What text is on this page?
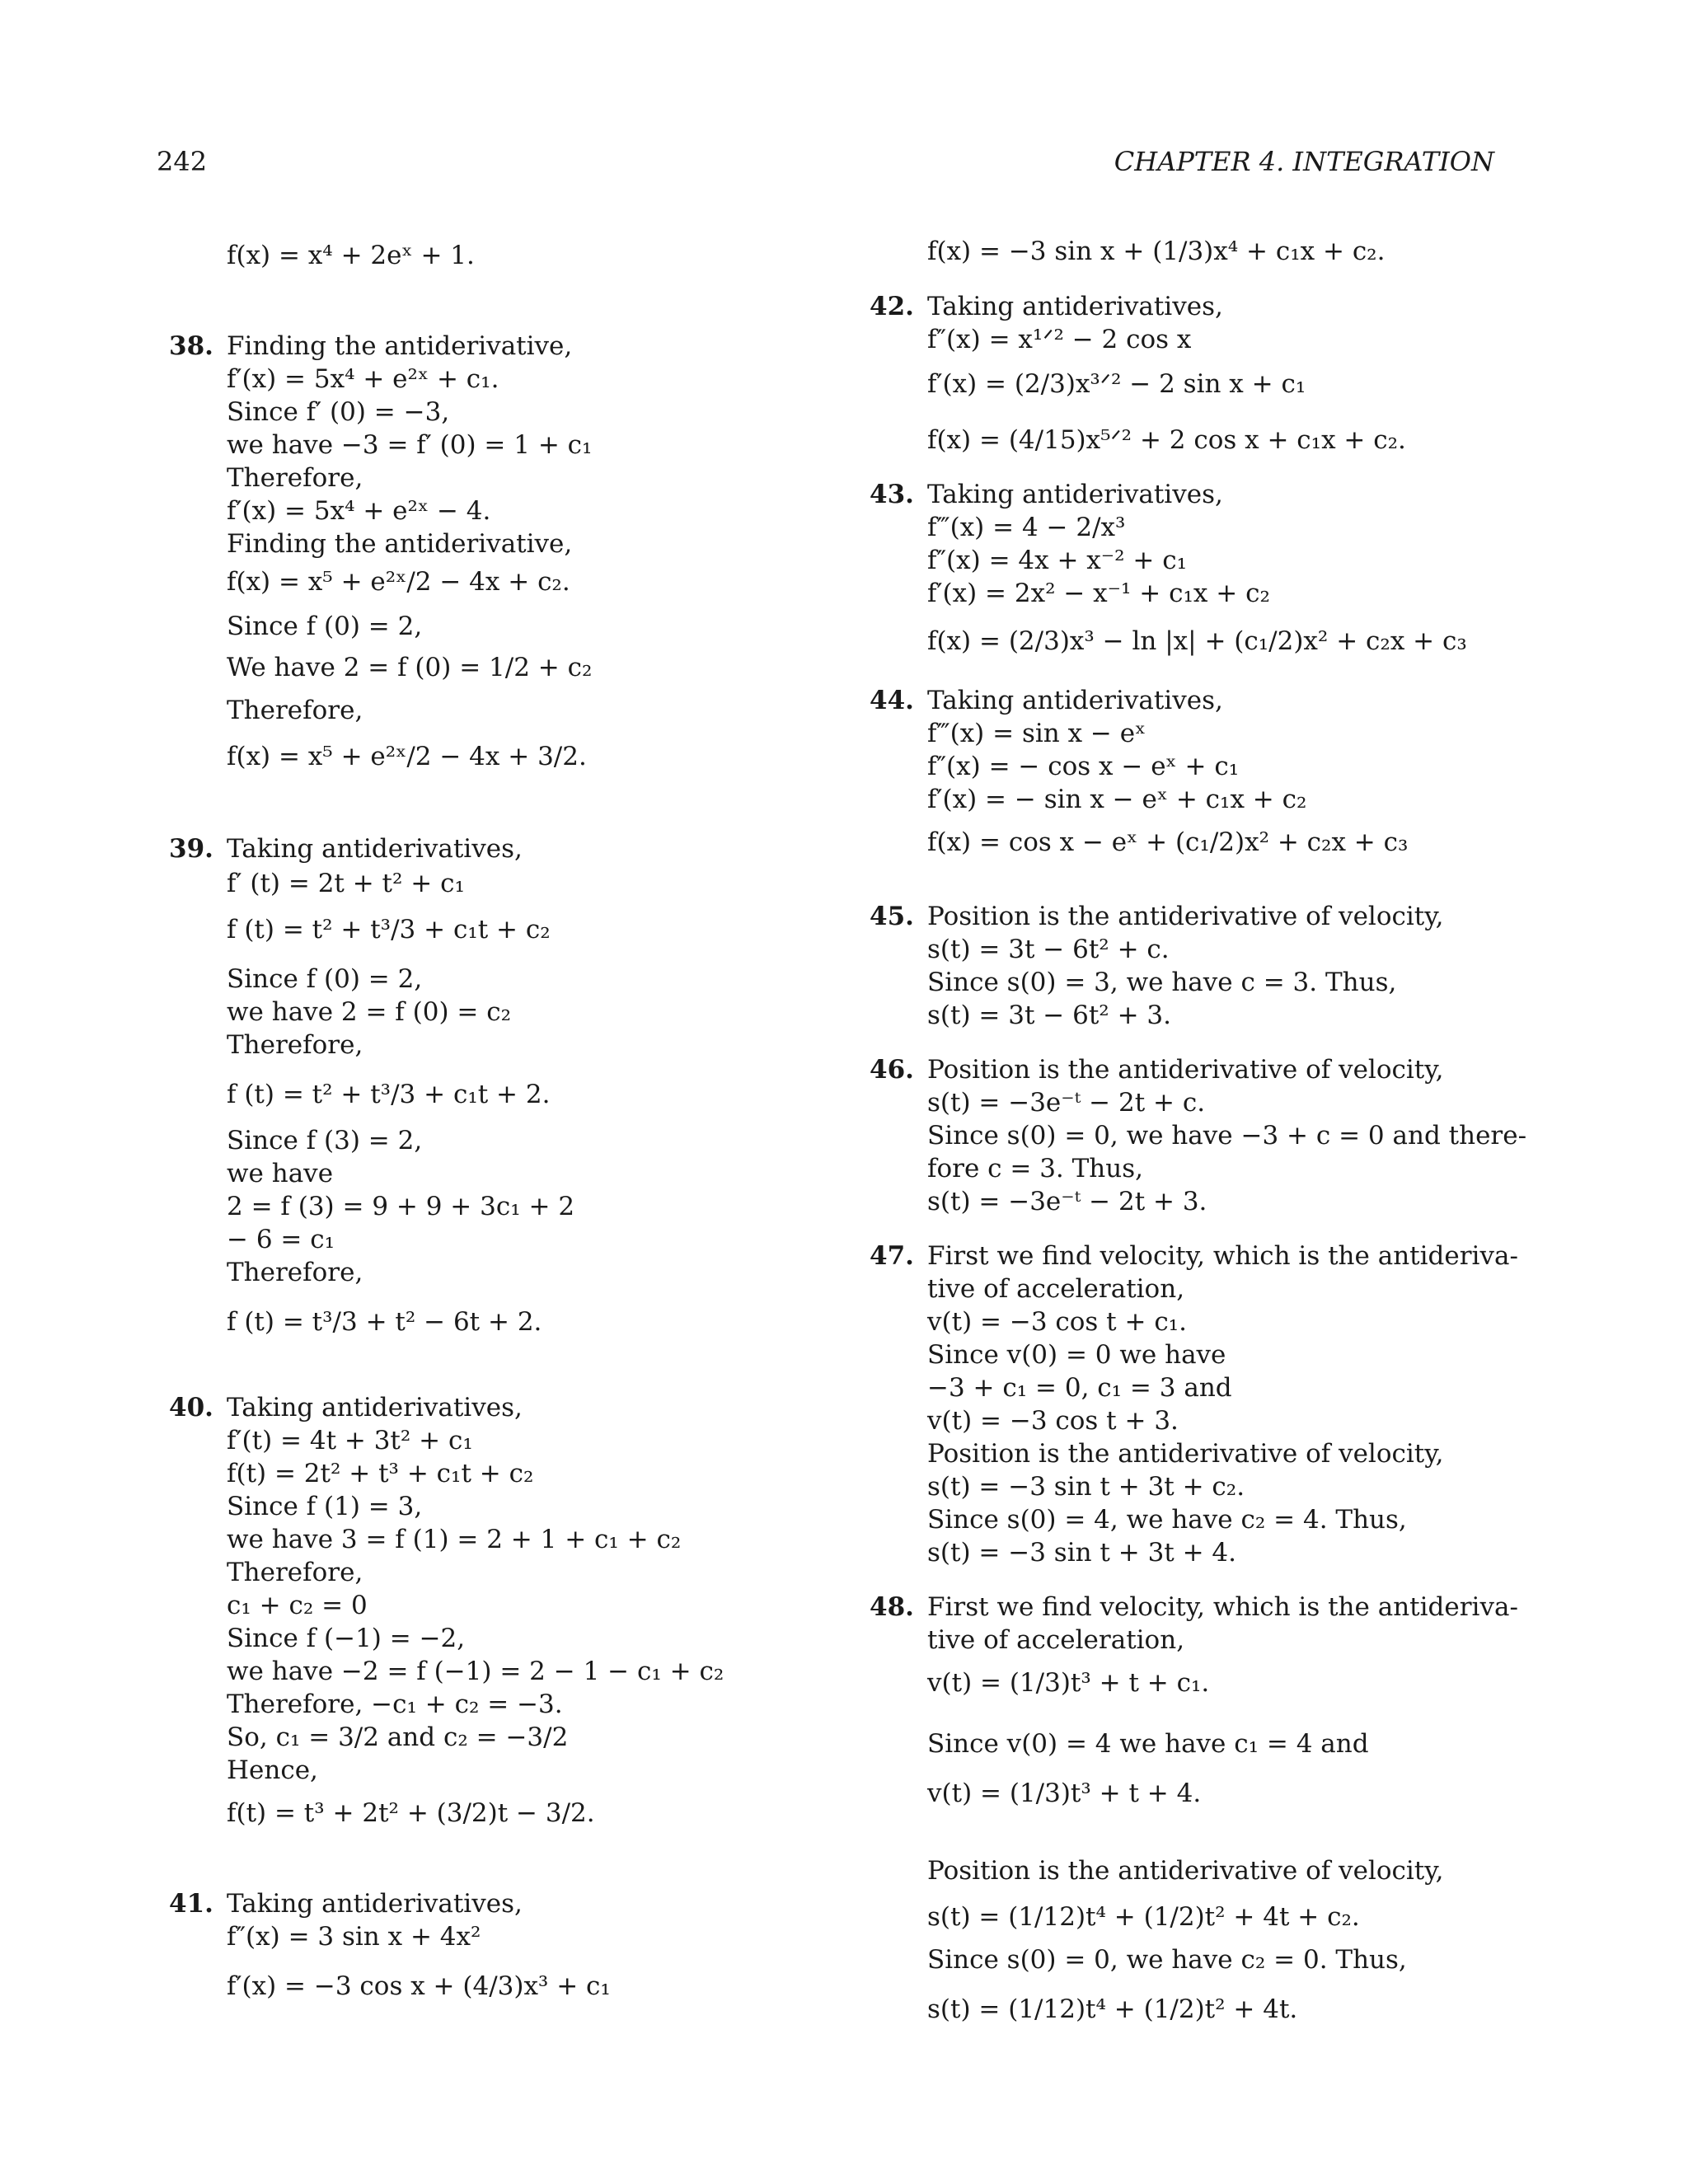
242	CHAPTER 4. INTEGRATION
f(x) = x⁴ + 2eˣ + 1.
38. Finding the antiderivative,
f′(x) = 5x⁴ + e²ˣ + c₁.
Since f′ (0) = −3,
we have −3 = f′ (0) = 1 + c₁
Therefore,
f′(x) = 5x⁴ + e²ˣ − 4.
Finding the antiderivative,
f(x) = x⁵ + e²ˣ/2 − 4x + c₂.
Since f (0) = 2,
We have 2 = f (0) = 1/2 + c₂
Therefore,
f(x) = x⁵ + e²ˣ/2 − 4x + 3/2.
39. Taking antiderivatives,
f′ (t) = 2t + t² + c₁
f (t) = t² + t³/3 + c₁t + c₂
Since f (0) = 2,
we have 2 = f (0) = c₂
Therefore,
f (t) = t² + t³/3 + c₁t + 2.
Since f (3) = 2,
we have
2 = f (3) = 9 + 9 + 3c₁ + 2
− 6 = c₁
Therefore,
f (t) = t³/3 + t² − 6t + 2.
40. Taking antiderivatives,
f′(t) = 4t + 3t² + c₁
f(t) = 2t² + t³ + c₁t + c₂
Since f (1) = 3,
we have 3 = f (1) = 2 + 1 + c₁ + c₂
Therefore,
c₁ + c₂ = 0
Since f (−1) = −2,
we have −2 = f (−1) = 2 − 1 − c₁ + c₂
Therefore, −c₁ + c₂ = −3.
So, c₁ = 3/2 and c₂ = −3/2
Hence,
f(t) = t³ + 2t² + (3/2)t − 3/2.
41. Taking antiderivatives,
f″(x) = 3 sin x + 4x²
f′(x) = −3 cos x + (4/3)x³ + c₁
f(x) = −3 sin x + (1/3)x⁴ + c₁x + c₂.
42. Taking antiderivatives,
f″(x) = x¹ᐟ² − 2 cos x
f′(x) = (2/3)x³ᐟ² − 2 sin x + c₁
f(x) = (4/15)x⁵ᐟ² + 2 cos x + c₁x + c₂.
43. Taking antiderivatives,
f‴(x) = 4 − 2/x³
f″(x) = 4x + x⁻² + c₁
f′(x) = 2x² − x⁻¹ + c₁x + c₂
f(x) = (2/3)x³ − ln |x| + (c₁/2)x² + c₂x + c₃
44. Taking antiderivatives,
f‴(x) = sin x − eˣ
f″(x) = − cos x − eˣ + c₁
f′(x) = − sin x − eˣ + c₁x + c₂
f(x) = cos x − eˣ + (c₁/2)x² + c₂x + c₃
45. Position is the antiderivative of velocity,
s(t) = 3t − 6t² + c.
Since s(0) = 3, we have c = 3. Thus,
s(t) = 3t − 6t² + 3.
46. Position is the antiderivative of velocity,
s(t) = −3e⁻ᵗ − 2t + c.
Since s(0) = 0, we have −3 + c = 0 and there-
fore c = 3. Thus,
s(t) = −3e⁻ᵗ − 2t + 3.
47. First we find velocity, which is the antideriva-
tive of acceleration,
v(t) = −3 cos t + c₁.
Since v(0) = 0 we have
−3 + c₁ = 0, c₁ = 3 and
v(t) = −3 cos t + 3.
Position is the antiderivative of velocity,
s(t) = −3 sin t + 3t + c₂.
Since s(0) = 4, we have c₂ = 4. Thus,
s(t) = −3 sin t + 3t + 4.
48. First we find velocity, which is the antideriva-
tive of acceleration,
v(t) = (1/3)t³ + t + c₁.
Since v(0) = 4 we have c₁ = 4 and
v(t) = (1/3)t³ + t + 4.
Position is the antiderivative of velocity,
s(t) = (1/12)t⁴ + (1/2)t² + 4t + c₂.
Since s(0) = 0, we have c₂ = 0. Thus,
s(t) = (1/12)t⁴ + (1/2)t² + 4t.
